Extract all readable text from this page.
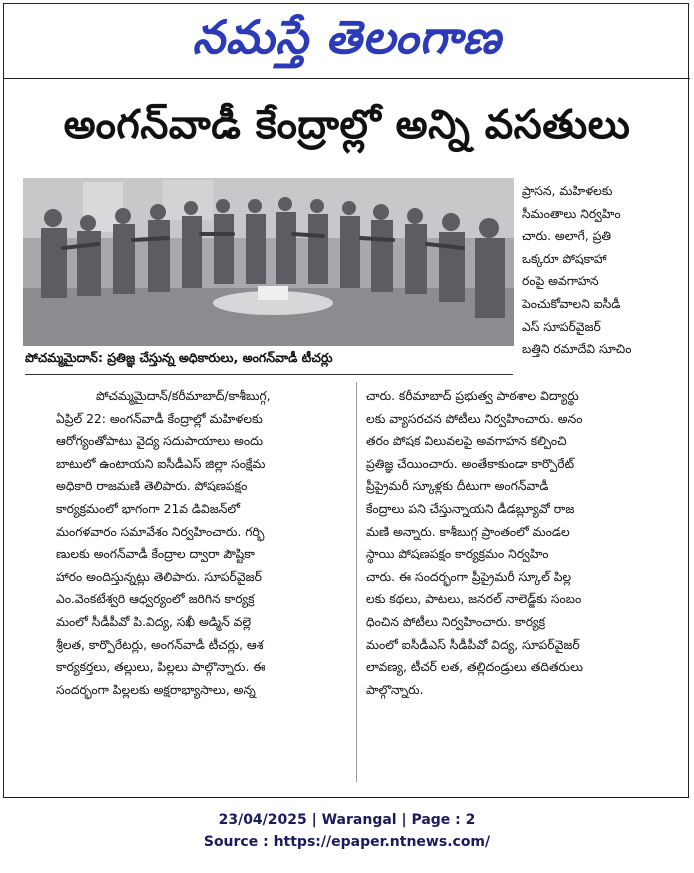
నమస్తే తెలంగాణ
అంగన్‌వాడీ కేంద్రాల్లో అన్ని వసతులు
పోచమ్మమైదాన్: ప్రతిజ్ఞ చేస్తున్న అధికారులు, అంగన్‌వాడీ టీచర్లు

ప్రాసన, మహిళలకు

సీమంతాలు నిర్వహిం

చారు. అలాగే, ప్రతి

ఒక్కరూ పోషకాహా

రంపై అవగాహన

పెంచుకోవాలని ఐసీడీ

ఎస్ సూపర్‌వైజర్

బత్తిని రమాదేవి సూచిం

పోచమ్మమైదాన్/కరీమాబాద్/కాశీబుగ్గ,

ఏప్రిల్ 22: అంగన్‌వాడీ కేంద్రాల్లో మహిళలకు

ఆరోగ్యంతోపాటు వైద్య సదుపాయాలు అందు

బాటులో ఉంటాయని ఐసీడీఎస్ జిల్లా సంక్షేమ

అధికారి రాజమణి తెలిపారు. పోషణపక్షం

కార్యక్రమంలో భాగంగా 21వ డివిజన్‌లో

మంగళవారం సమావేశం నిర్వహించారు. గర్భి

ణులకు అంగన్‌వాడీ కేంద్రాల ద్వారా పౌష్టికా

హారం అందిస్తున్నట్లు తెలిపారు. సూపర్‌వైజర్

ఎం.వెంకటేశ్వరి ఆధ్వర్యంలో జరిగిన కార్యక్ర

మంలో సీడీపీవో పి.విద్య, సఖీ అడ్మిన్ వల్లె

శ్రీలత, కార్పొరేటర్లు, అంగన్‌వాడీ టీచర్లు, ఆశ

కార్యకర్తలు, తల్లులు, పిల్లలు పాల్గొన్నారు. ఈ

సందర్భంగా పిల్లలకు అక్షరాభ్యాసాలు, అన్న

చారు. కరీమాబాద్ ప్రభుత్వ పాఠశాల విద్యార్థు

లకు వ్యాసరచన పోటీలు నిర్వహించారు. అనం

తరం పోషక విలువలపై అవగాహన కల్పించి

ప్రతిజ్ఞ చేయించారు. అంతేకాకుండా కార్పొరేట్

ప్రీప్రైమరీ స్కూళ్లకు దీటుగా అంగన్‌వాడీ

కేంద్రాలు పని చేస్తున్నాయని డీడబ్ల్యూవో రాజ

మణి అన్నారు. కాశీబుగ్గ ప్రాంతంలో మండల

స్థాయి పోషణపక్షం కార్యక్రమం నిర్వహిం

చారు. ఈ సందర్భంగా ప్రీప్రైమరీ స్కూల్ పిల్ల

లకు కథలు, పాటలు, జనరల్ నాలెడ్జ్‌కు సంబం

ధించిన పోటీలు నిర్వహించారు. కార్యక్ర

మంలో ఐసీడీఎస్ సీడీపీవో విద్య, సూపర్‌వైజర్

లావణ్య, టీచర్ లత, తల్లిదండ్రులు తదితరులు

పాల్గొన్నారు.

23/04/2025 | Warangal | Page : 2
Source : https://epaper.ntnews.com/
